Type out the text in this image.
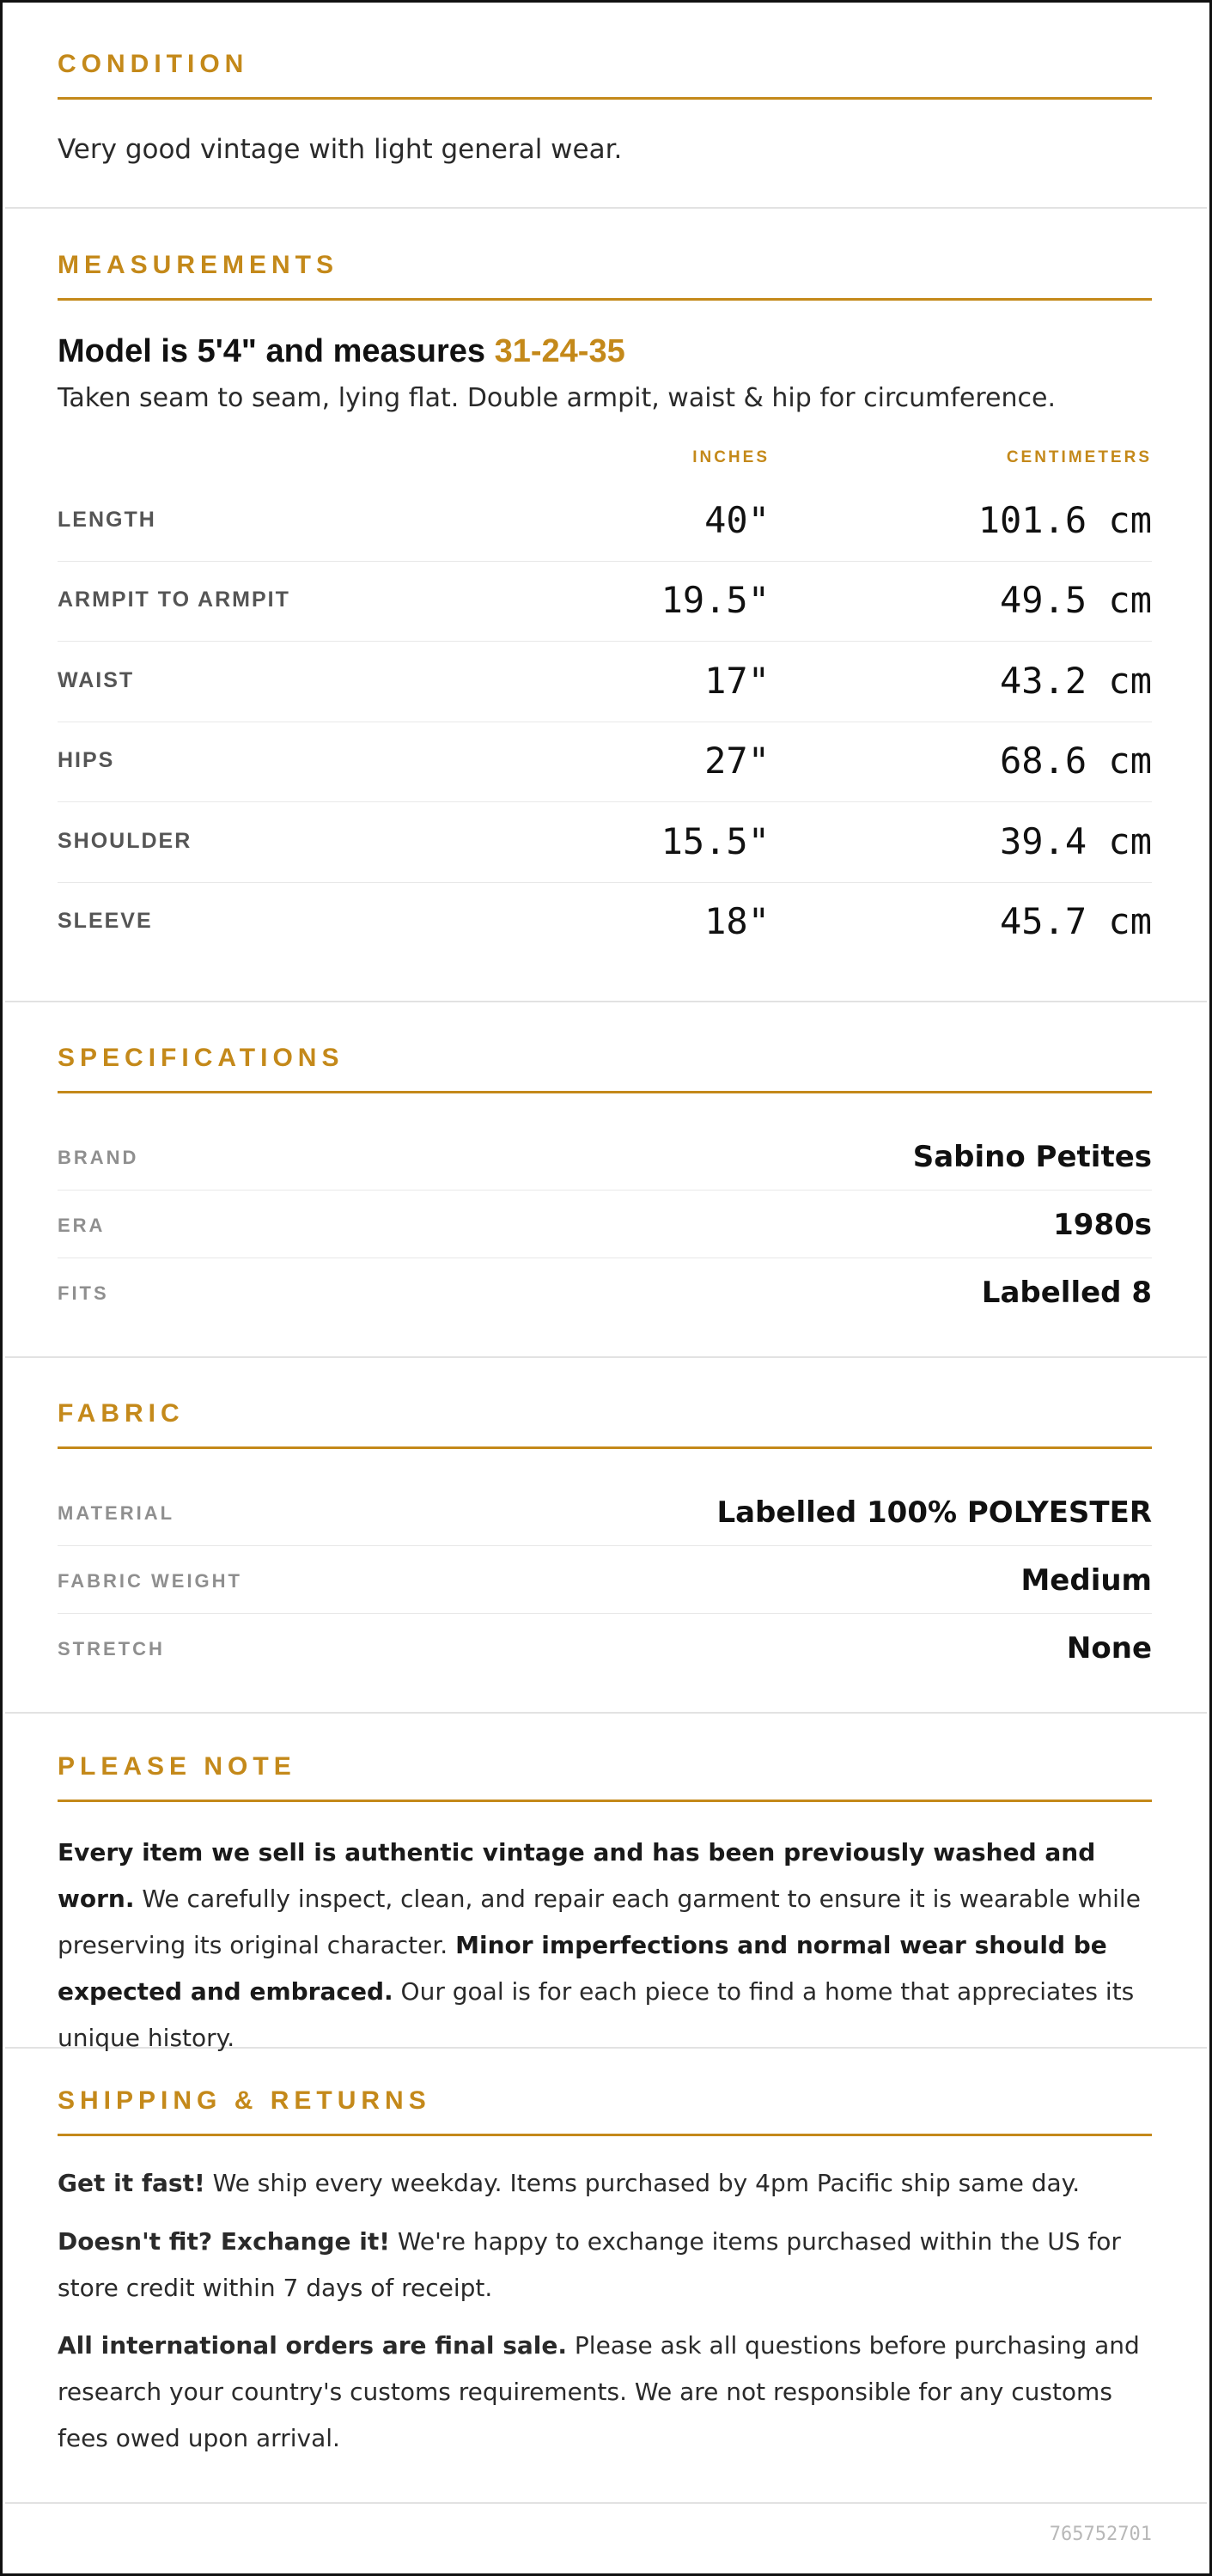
CONDITION
Very good vintage with light general wear.
MEASUREMENTS
Model is 5'4" and measures 31-24-35
Taken seam to seam, lying flat. Double armpit, waist & hip for circumference.
INCHES	CENTIMETERS
LENGTH	40"	101.6 cm
ARMPIT TO ARMPIT	19.5"	49.5 cm
WAIST	17"	43.2 cm
HIPS	27"	68.6 cm
SHOULDER	15.5"	39.4 cm
SLEEVE	18"	45.7 cm
SPECIFICATIONS
BRAND	Sabino Petites
ERA	1980s
FITS	Labelled 8
FABRIC
MATERIAL	Labelled 100% POLYESTER
FABRIC WEIGHT	Medium
STRETCH	None
PLEASE NOTE
Every item we sell is authentic vintage and has been previously washed and worn. We carefully inspect, clean, and repair each garment to ensure it is wearable while preserving its original character. Minor imperfections and normal wear should be expected and embraced. Our goal is for each piece to find a home that appreciates its unique history.
SHIPPING & RETURNS
Get it fast! We ship every weekday. Items purchased by 4pm Pacific ship same day.
Doesn't fit? Exchange it! We're happy to exchange items purchased within the US for store credit within 7 days of receipt.
All international orders are final sale. Please ask all questions before purchasing and research your country's customs requirements. We are not responsible for any customs fees owed upon arrival.
765752701
